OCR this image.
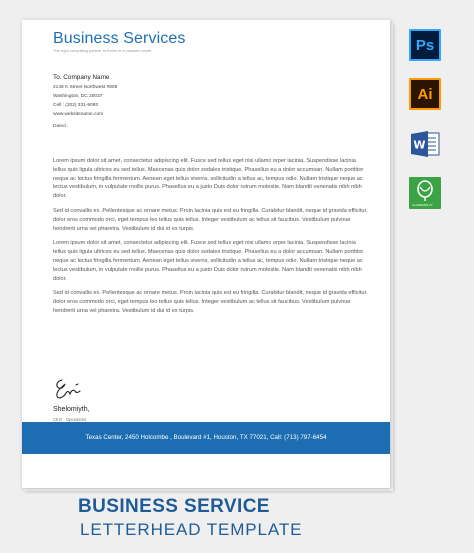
Business Services
The right consulting partner to thrive in a complex world
To. Company Name
2145 K Street Northwest #808
Washington, DC 20037
Cell : (202) 331-9093
www.websitename.com
Dated :

Lorem ipsum dolor sit amet, consectetur adipiscing elit. Fusce sed tellus eget nisi ullamc orper lacinia. Suspendisse lacinia tellus quis ligula ultrices eu sed tellus. Maecenas quis dolor sodales tristique. Phasellus eu a dolor accumsan. Nullam porttitor neque ac lectus fringilla fermentum. Aenean eget tellus viverra, sollicitudin a tellus ac, tempus odio. Nullam tristique neque ac lectus vestibulum, in vulputate mollis purus. Phasellus eu a justo Duis dolor rutrum molestie. Nam blandit venenatis nibh nibh dolor.

Sed id convallis ex. Pellentesque ac ornare metus. Proin lacinia quis est eu fringilla. Curabitur blandit, neque id gravida efficitur, dolor eros commodo orci, eget tempus leo tellus quis tellus. Integer vestibulum ac tellus sit faucibus. Vestibulum pulvinar hendrerit urna vel pharetra. Vestibulum id dui id ex turpis.

Lorem ipsum dolor sit amet, consectetur adipiscing elit. Fusce sed tellus eget nisi ullamc orper lacinia. Suspendisse lacinia tellus quis ligula ultrices eu sed tellus. Maecenas quis dolor sodales tristique. Phasellus eu a dolor accumsan. Nullam porttitor neque ac lectus fringilla fermentum. Aenean eget tellus viverra, sollicitudin a tellus ac, tempus odio. Nullam tristique neque ac lectus vestibulum, in vulputate mollis purus. Phasellus eu a justo Duis dolor rutrum molestie. Nam blandit venenatis nibh nibh dolor.

Sed id convallis ex. Pellentesque ac ornare metus. Proin lacinia quis est eu fringilla. Curabitur blandit, neque id gravida efficitur, dolor eros commodo orci, eget tempus leo tellus quis tellus. Integer vestibulum ac tellus sit faucibus. Vestibulum pulvinar hendrerit urna vel pharetra. Vestibulum id dui id ex turpis.

Shelomiyth,
CEO - Operations
Texas Center, 2450 Holcombe , Boulevard #1, Houston, TX 77021, Call: (713) 797-6454
Ps
Ai
W
CorelDRAW X7
BUSINESS SERVICE
LETTERHEAD TEMPLATE
